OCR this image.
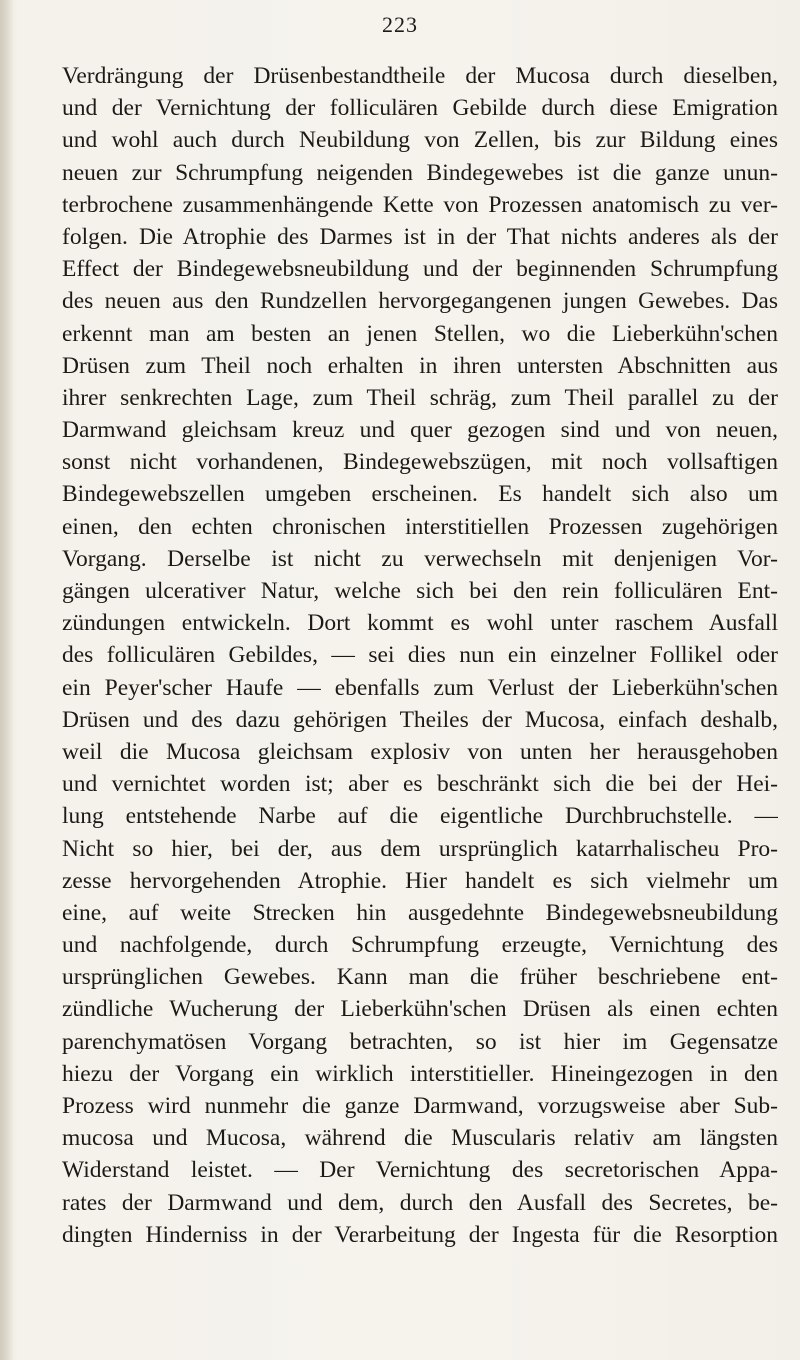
223
Verdrängung der Drüsenbestandtheile der Mucosa durch dieselben,
und der Vernichtung der folliculären Gebilde durch diese Emigration
und wohl auch durch Neubildung von Zellen, bis zur Bildung eines
neuen zur Schrumpfung neigenden Bindegewebes ist die ganze unun-
terbrochene zusammenhängende Kette von Prozessen anatomisch zu ver-
folgen. Die Atrophie des Darmes ist in der That nichts anderes als der
Effect der Bindegewebsneubildung und der beginnenden Schrumpfung
des neuen aus den Rundzellen hervorgegangenen jungen Gewebes. Das
erkennt man am besten an jenen Stellen, wo die Lieberkühn'schen
Drüsen zum Theil noch erhalten in ihren untersten Abschnitten aus
ihrer senkrechten Lage, zum Theil schräg, zum Theil parallel zu der
Darmwand gleichsam kreuz und quer gezogen sind und von neuen,
sonst nicht vorhandenen, Bindegewebszügen, mit noch vollsaftigen
Bindegewebszellen umgeben erscheinen. Es handelt sich also um
einen, den echten chronischen interstitiellen Prozessen zugehörigen
Vorgang. Derselbe ist nicht zu verwechseln mit denjenigen Vor-
gängen ulcerativer Natur, welche sich bei den rein folliculären Ent-
zündungen entwickeln. Dort kommt es wohl unter raschem Ausfall
des folliculären Gebildes, — sei dies nun ein einzelner Follikel oder
ein Peyer'scher Haufe — ebenfalls zum Verlust der Lieberkühn'schen
Drüsen und des dazu gehörigen Theiles der Mucosa, einfach deshalb,
weil die Mucosa gleichsam explosiv von unten her herausgehoben
und vernichtet worden ist; aber es beschränkt sich die bei der Hei-
lung entstehende Narbe auf die eigentliche Durchbruchstelle. —
Nicht so hier, bei der, aus dem ursprünglich katarrhalischeu Pro-
zesse hervorgehenden Atrophie. Hier handelt es sich vielmehr um
eine, auf weite Strecken hin ausgedehnte Bindegewebsneubildung
und nachfolgende, durch Schrumpfung erzeugte, Vernichtung des
ursprünglichen Gewebes. Kann man die früher beschriebene ent-
zündliche Wucherung der Lieberkühn'schen Drüsen als einen echten
parenchymatösen Vorgang betrachten, so ist hier im Gegensatze
hiezu der Vorgang ein wirklich interstitieller. Hineingezogen in den
Prozess wird nunmehr die ganze Darmwand, vorzugsweise aber Sub-
mucosa und Mucosa, während die Muscularis relativ am längsten
Widerstand leistet. — Der Vernichtung des secretorischen Appa-
rates der Darmwand und dem, durch den Ausfall des Secretes, be-
dingten Hinderniss in der Verarbeitung der Ingesta für die Resorption
